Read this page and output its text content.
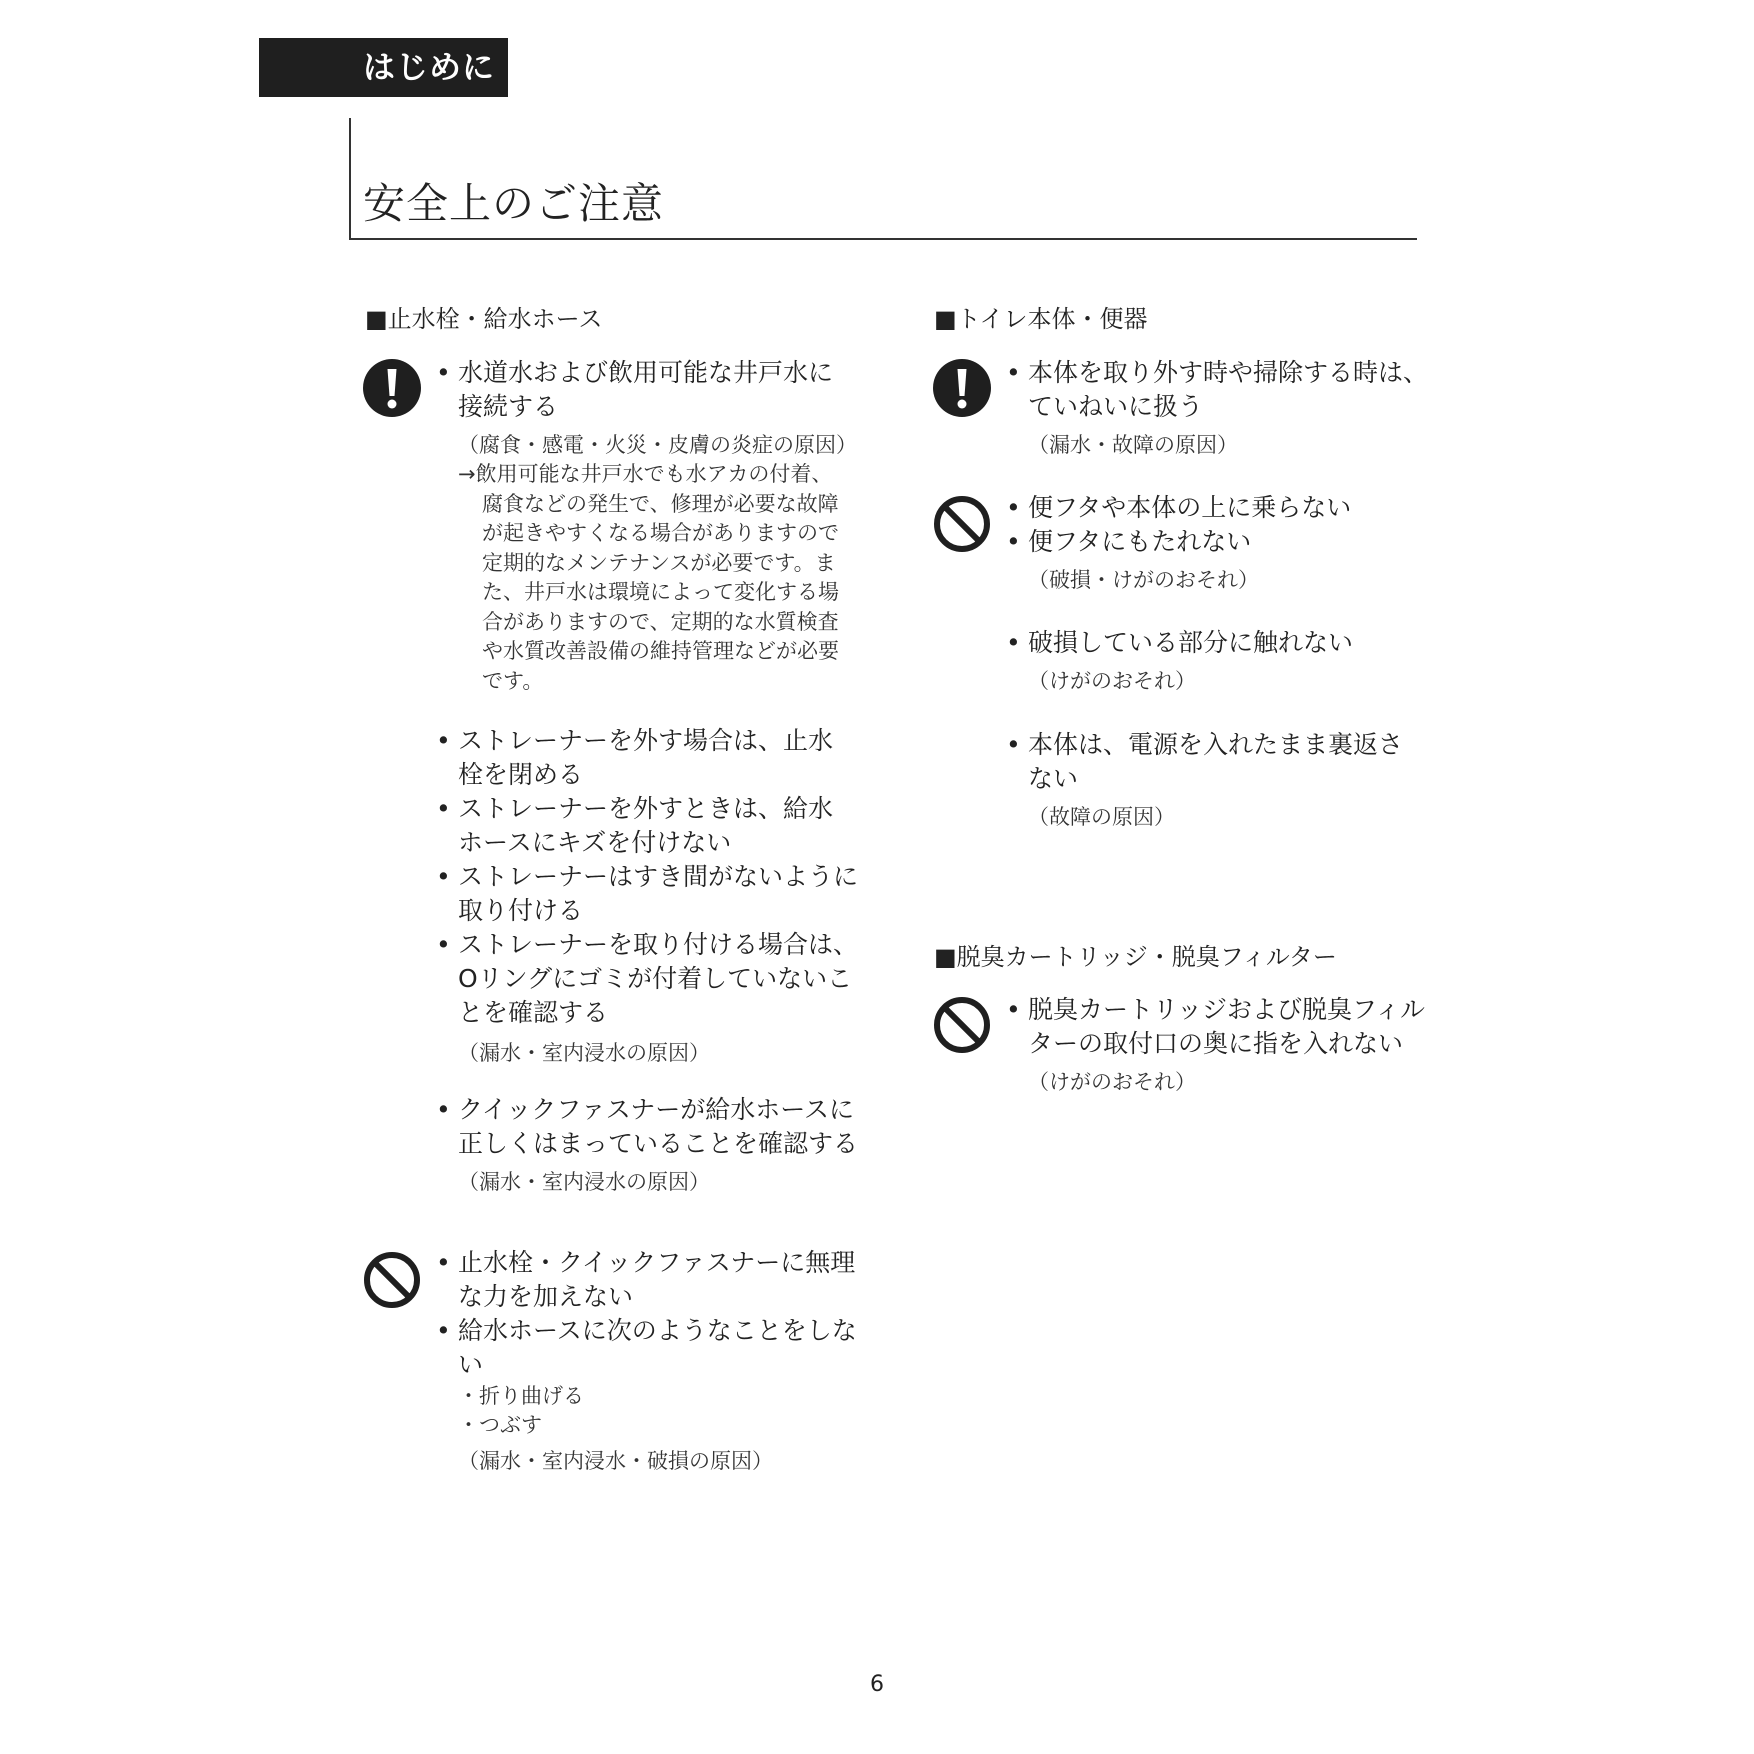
はじめに
安全上のご注意
■止水栓・給水ホース
• 水道水および飲用可能な井戸水に
接続する
（腐食・感電・火災・皮膚の炎症の原因）
→飲用可能な井戸水でも水アカの付着、
腐食などの発生で、修理が必要な故障
が起きやすくなる場合がありますので
定期的なメンテナンスが必要です。ま
た、井戸水は環境によって変化する場
合がありますので、定期的な水質検査
や水質改善設備の維持管理などが必要
です。
• ストレーナーを外す場合は、止水
栓を閉める
• ストレーナーを外すときは、給水
ホースにキズを付けない
• ストレーナーはすき間がないように
取り付ける
• ストレーナーを取り付ける場合は、
Oリングにゴミが付着していないこ
とを確認する
（漏水・室内浸水の原因）
• クイックファスナーが給水ホースに
正しくはまっていることを確認する
（漏水・室内浸水の原因）
• 止水栓・クイックファスナーに無理
な力を加えない
• 給水ホースに次のようなことをしな
い
・折り曲げる
・つぶす
（漏水・室内浸水・破損の原因）
■トイレ本体・便器
• 本体を取り外す時や掃除する時は、
ていねいに扱う
（漏水・故障の原因）
• 便フタや本体の上に乗らない
• 便フタにもたれない
（破損・けがのおそれ）
• 破損している部分に触れない
（けがのおそれ）
• 本体は、電源を入れたまま裏返さ
ない
（故障の原因）
■脱臭カートリッジ・脱臭フィルター
• 脱臭カートリッジおよび脱臭フィル
ターの取付口の奥に指を入れない
（けがのおそれ）
6
